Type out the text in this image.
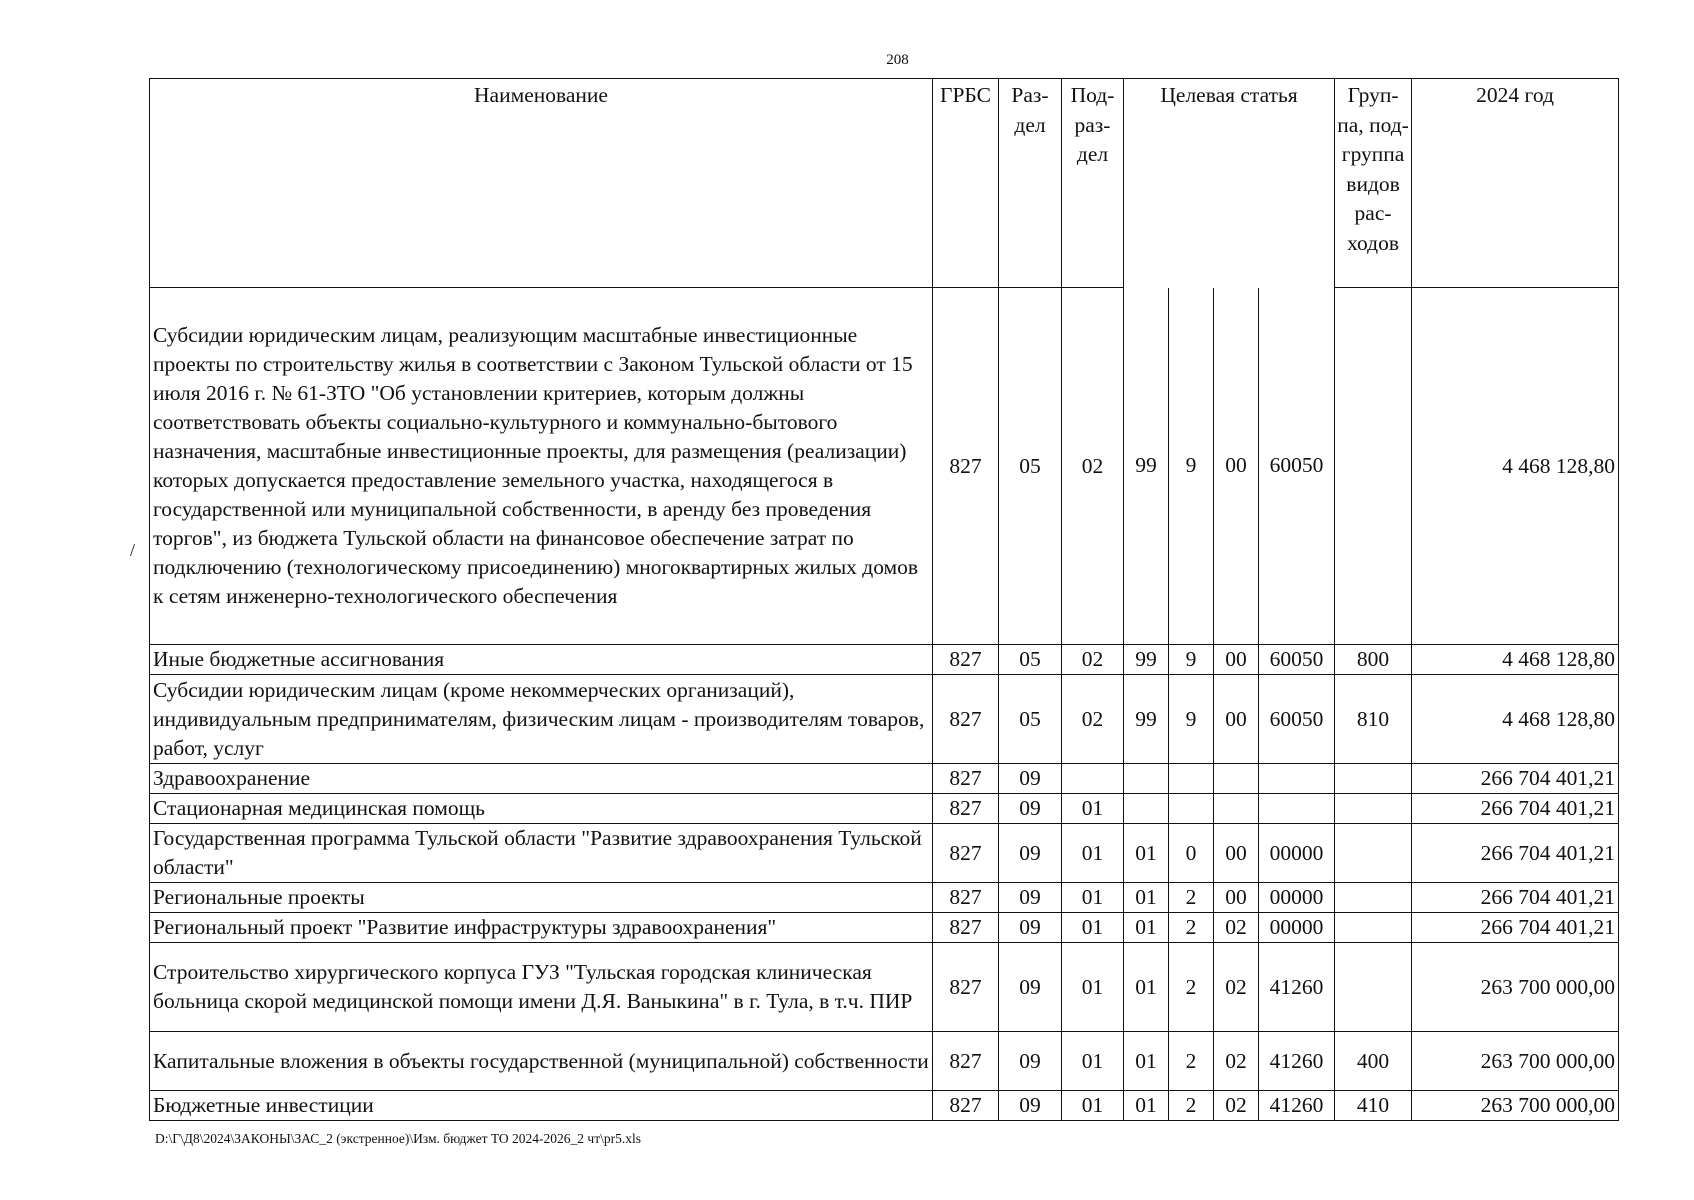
208
/
Наименование	ГРБС	Раз-дел	Под-раз-дел	Целевая статья				Груп-па, под-группа видов рас-ходов	2024 год
Субсидии юридическим лицам, реализующим масштабные инвестиционные проекты по строительству жилья в соответствии с Законом Тульской области от 15 июля 2016 г. № 61-ЗТО "Об установлении критериев, которым должны соответствовать объекты социально-культурного и коммунально-бытового назначения, масштабные инвестиционные проекты, для размещения (реализации) которых допускается предоставление земельного участка, находящегося в государственной или муниципальной собственности, в аренду без проведения торгов", из бюджета Тульской области на финансовое обеспечение затрат по подключению (технологическому присоединению) многоквартирных жилых домов к сетям инженерно-технологического обеспечения	827	05	02	99	9	00	60050		4 468 128,80
Иные бюджетные ассигнования	827	05	02	99	9	00	60050	800	4 468 128,80
Субсидии юридическим лицам (кроме некоммерческих организаций), индивидуальным предпринимателям, физическим лицам - производителям товаров, работ, услуг	827	05	02	99	9	00	60050	810	4 468 128,80
Здравоохранение	827	09							266 704 401,21
Стационарная медицинская помощь	827	09	01						266 704 401,21
Государственная программа Тульской области "Развитие здравоохранения Тульской области"	827	09	01	01	0	00	00000		266 704 401,21
Региональные проекты	827	09	01	01	2	00	00000		266 704 401,21
Региональный проект "Развитие инфраструктуры здравоохранения"	827	09	01	01	2	02	00000		266 704 401,21
Строительство хирургического корпуса ГУЗ "Тульская городская клиническая больница скорой медицинской помощи имени Д.Я. Ваныкина" в г. Тула, в т.ч. ПИР	827	09	01	01	2	02	41260		263 700 000,00
Капитальные вложения в объекты государственной (муниципальной) собственности	827	09	01	01	2	02	41260	400	263 700 000,00
Бюджетные инвестиции	827	09	01	01	2	02	41260	410	263 700 000,00
D:\Г\Д8\2024\ЗАКОНЫ\ЗАС_2 (экстренное)\Изм. бюджет ТО 2024-2026_2 чт\pr5.xls
